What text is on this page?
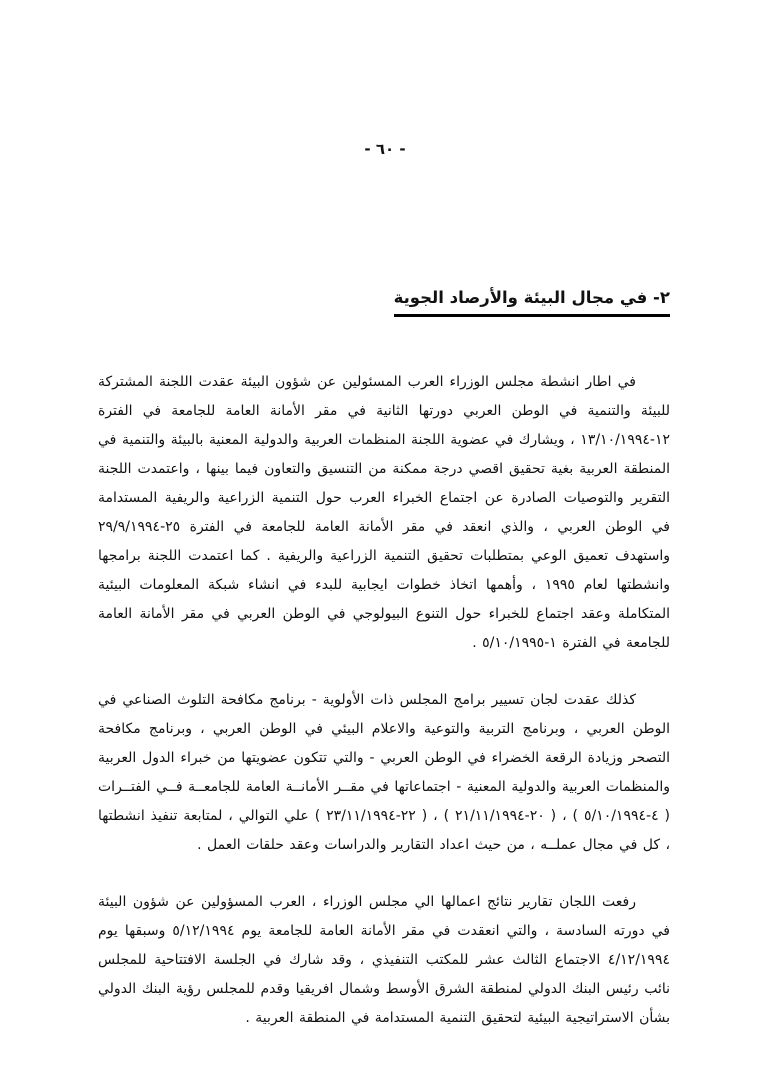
- ٦٠ -
٢- في مجال البيئة والأرصاد الجوية

في اطار انشطة مجلس الوزراء العرب المسئولين عن شؤون البيئة عقدت اللجنة المشتركة للبيئة والتنمية في الوطن العربي دورتها الثانية في مقر الأمانة العامة للجامعة في الفترة ١٢-١٣/١٠/١٩٩٤ ، ويشارك في عضوية اللجنة المنظمات العربية والدولية المعنية بالبيئة والتنمية في المنطقة العربية بغية تحقيق اقصي درجة ممكنة من التنسيق والتعاون فيما بينها ، واعتمدت اللجنة التقرير والتوصيات الصادرة عن اجتماع الخبراء العرب حول التنمية الزراعية والريفية المستدامة في الوطن العربي ، والذي انعقد في مقر الأمانة العامة للجامعة في الفترة ٢٥-٢٩/٩/١٩٩٤ واستهدف تعميق الوعي بمتطلبات تحقيق التنمية الزراعية والريفية . كما اعتمدت اللجنة برامجها وانشطتها لعام ١٩٩٥ ، وأهمها اتخاذ خطوات ايجابية للبدء في انشاء شبكة المعلومات البيئية المتكاملة وعقد اجتماع للخبراء حول التنوع البيولوجي في الوطن العربي في مقر الأمانة العامة للجامعة في الفترة ١-٥/١٠/١٩٩٥ .

كذلك عقدت لجان تسيير برامج المجلس ذات الأولوية - برنامج مكافحة التلوث الصناعي في الوطن العربي ، وبرنامج التربية والتوعية والاعلام البيئي في الوطن العربي ، وبرنامج مكافحة التصحر وزيادة الرقعة الخضراء في الوطن العربي - والتي تتكون عضويتها من خبراء الدول العربية والمنظمات العربية والدولية المعنية - اجتماعاتها في مقــر الأمانــة العامة للجامعــة فــي الفتــرات ( ٤-٥/١٠/١٩٩٤ ) ، ( ٢٠-٢١/١١/١٩٩٤ ) ، ( ٢٢-٢٣/١١/١٩٩٤ ) علي التوالي ، لمتابعة تنفيذ انشطتها ، كل في مجال عملــه ، من حيث اعداد التقارير والدراسات وعقد حلقات العمل .

رفعت اللجان تقارير نتائج اعمالها الي مجلس الوزراء ، العرب المسؤولين عن شؤون البيئة في دورته السادسة ، والتي انعقدت في مقر الأمانة العامة للجامعة يوم ٥/١٢/١٩٩٤ وسبقها يوم ٤/١٢/١٩٩٤ الاجتماع الثالث عشر للمكتب التنفيذي ، وقد شارك في الجلسة الافتتاحية للمجلس نائب رئيس البنك الدولي لمنطقة الشرق الأوسط وشمال افريقيا وقدم للمجلس رؤية البنك الدولي بشأن الاستراتيجية البيئية لتحقيق التنمية المستدامة في المنطقة العربية .
